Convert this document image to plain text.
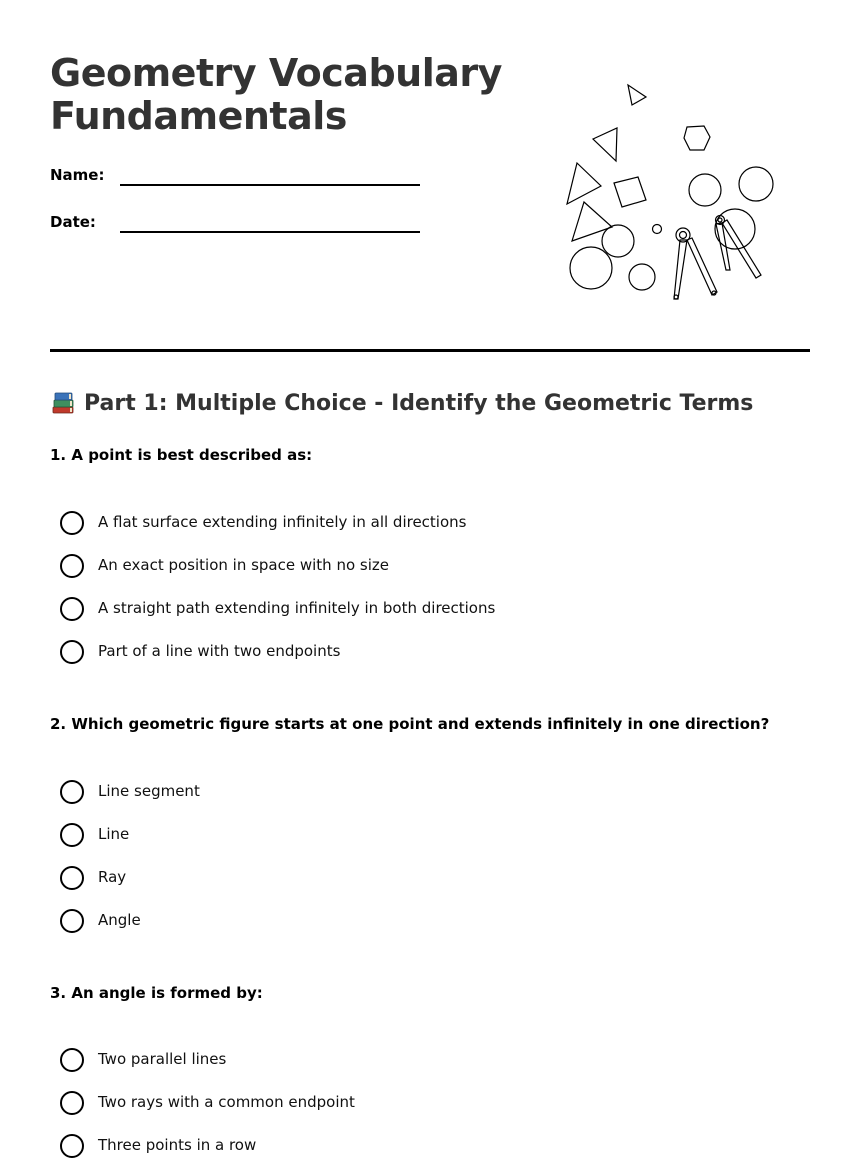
Geometry Vocabulary Fundamentals
Name:
Date:
Part 1: Multiple Choice - Identify the Geometric Terms
1. A point is best described as:
A flat surface extending infinitely in all directions
An exact position in space with no size
A straight path extending infinitely in both directions
Part of a line with two endpoints
2. Which geometric figure starts at one point and extends infinitely in one direction?
Line segment
Line
Ray
Angle
3. An angle is formed by:
Two parallel lines
Two rays with a common endpoint
Three points in a row
